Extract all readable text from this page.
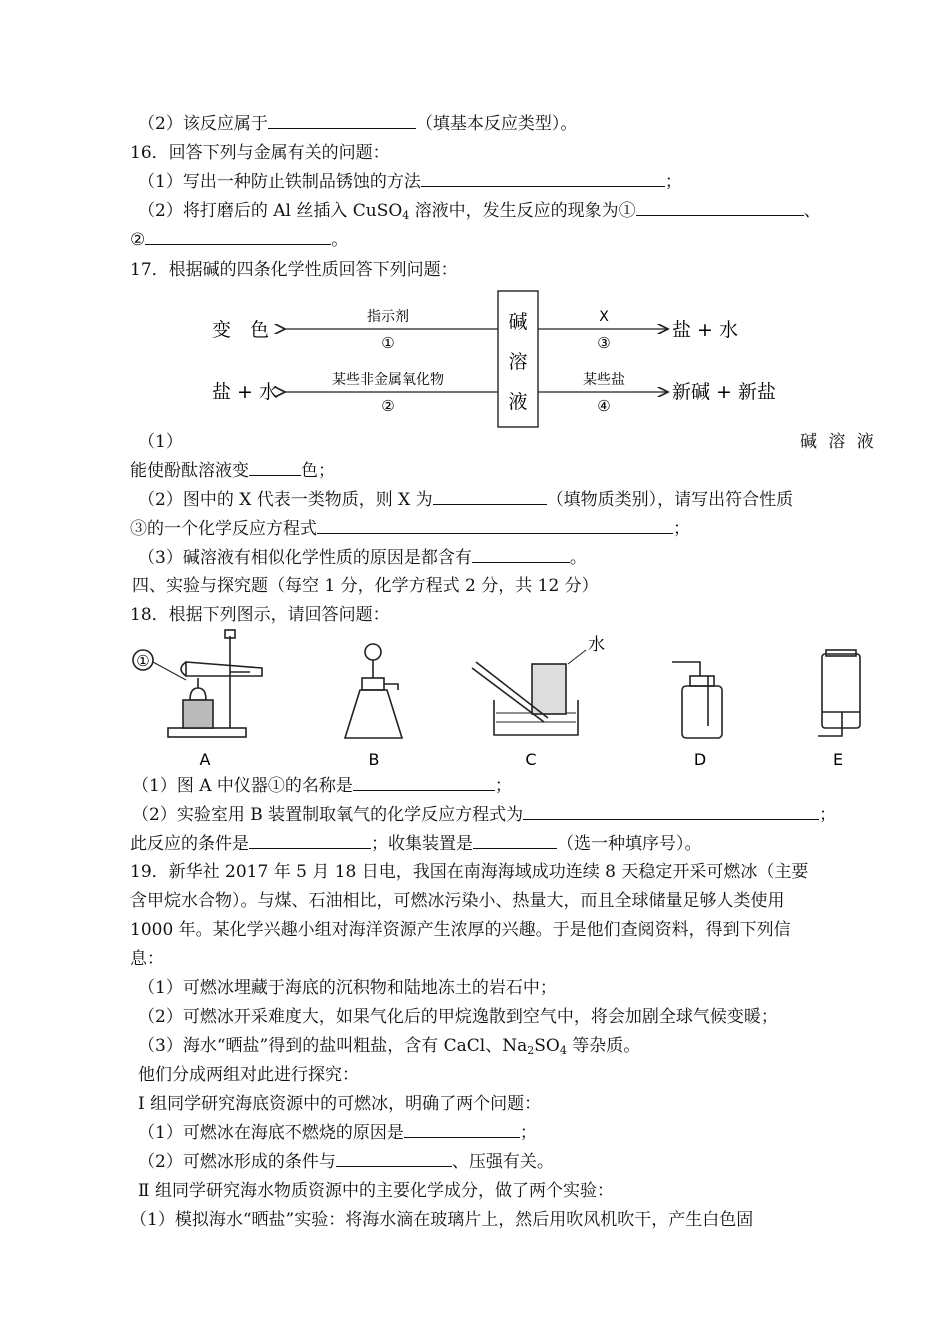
（2）该反应属于	（填基本反应类型）。
16．回答下列与金属有关的问题：
（1）写出一种防止铁制品锈蚀的方法	；
（2）将打磨后的 Al 丝插入 CuSO$_4$ 溶液中，发生反应的现象为①	、
②	。
17．根据碱的四条化学性质回答下列问题：
碱
溶
液
变　色
指示剂
①
盐 + 水
某些非金属氧化物
②
X
③
盐 + 水
某些盐
④
新碱 + 新盐
（1）	碱 溶 液
能使酚酞溶液变	色；
（2）图中的 X 代表一类物质，则 X 为	（填物质类别），请写出符合性质
③的一个化学反应方程式	；
（3）碱溶液有相似化学性质的原因是都含有	。
四、实验与探究题（每空 1 分，化学方程式 2 分，共 12 分）
18．根据下列图示，请回答问题：
①
水
A	B	C	D	E
（1）图 A 中仪器①的名称是	；
（2）实验室用 B 装置制取氧气的化学反应方程式为	；
此反应的条件是	；收集装置是	（选一种填序号）。
19．新华社 2017 年 5 月 18 日电，我国在南海海域成功连续 8 天稳定开采可燃冰（主要
含甲烷水合物）。与煤、石油相比，可燃冰污染小、热量大，而且全球储量足够人类使用
1000 年。某化学兴趣小组对海洋资源产生浓厚的兴趣。于是他们查阅资料，得到下列信
息：
（1）可燃冰埋藏于海底的沉积物和陆地冻土的岩石中；
（2）可燃冰开采难度大，如果气化后的甲烷逸散到空气中，将会加剧全球气候变暖；
（3）海水“晒盐”得到的盐叫粗盐，含有 CaCl、$Na_2SO_4$ 等杂质。
他们分成两组对此进行探究：
Ⅰ 组同学研究海底资源中的可燃冰，明确了两个问题：
（1）可燃冰在海底不燃烧的原因是	；
（2）可燃冰形成的条件与	、压强有关。
Ⅱ 组同学研究海水物质资源中的主要化学成分，做了两个实验：
（1）模拟海水“晒盐”实验：将海水滴在玻璃片上，然后用吹风机吹干，产生白色固
